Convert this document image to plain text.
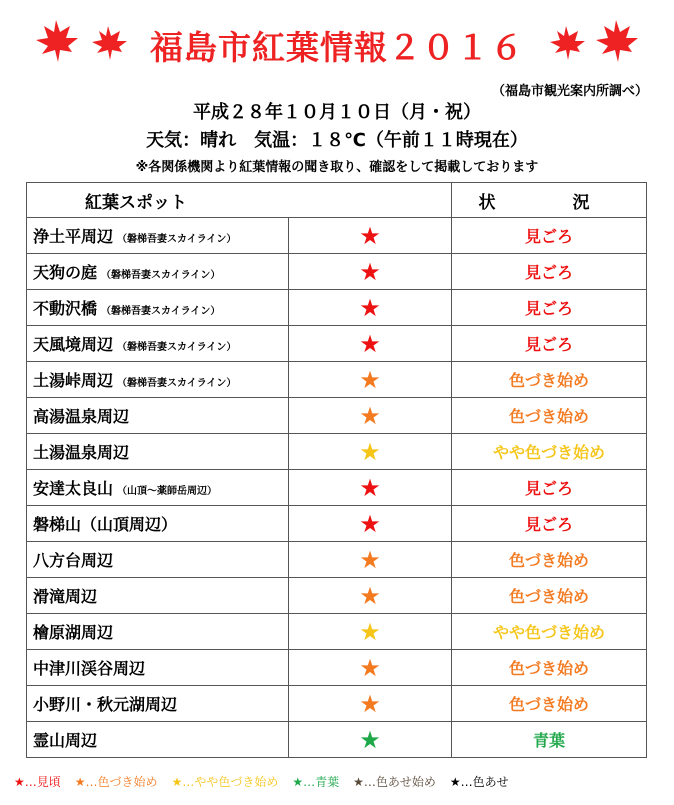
福島市紅葉情報２０１６
（福島市観光案内所調べ）
平成２８年１０月１０日（月・祝）
天気：晴れ　気温：１８℃（午前１１時現在）
※各関係機関より紅葉情報の聞き取り、確認をして掲載しております
紅葉スポット		状　況
浄土平周辺 （磐梯吾妻スカイライン）	★	見ごろ
天狗の庭 （磐梯吾妻スカイライン）	★	見ごろ
不動沢橋 （磐梯吾妻スカイライン）	★	見ごろ
天風境周辺 （磐梯吾妻スカイライン）	★	見ごろ
土湯峠周辺 （磐梯吾妻スカイライン）	★	色づき始め
高湯温泉周辺	★	色づき始め
土湯温泉周辺	★	やや色づき始め
安達太良山 （山頂～薬師岳周辺）	★	見ごろ
磐梯山（山頂周辺）	★	見ごろ
八方台周辺	★	色づき始め
滑滝周辺	★	色づき始め
檜原湖周辺	★	やや色づき始め
中津川渓谷周辺	★	色づき始め
小野川・秋元湖周辺	★	色づき始め
霊山周辺	★	青葉
★…見頃 ★…色づき始め ★…やや色づき始め ★…青葉 ★…色あせ始め ★…色あせ
